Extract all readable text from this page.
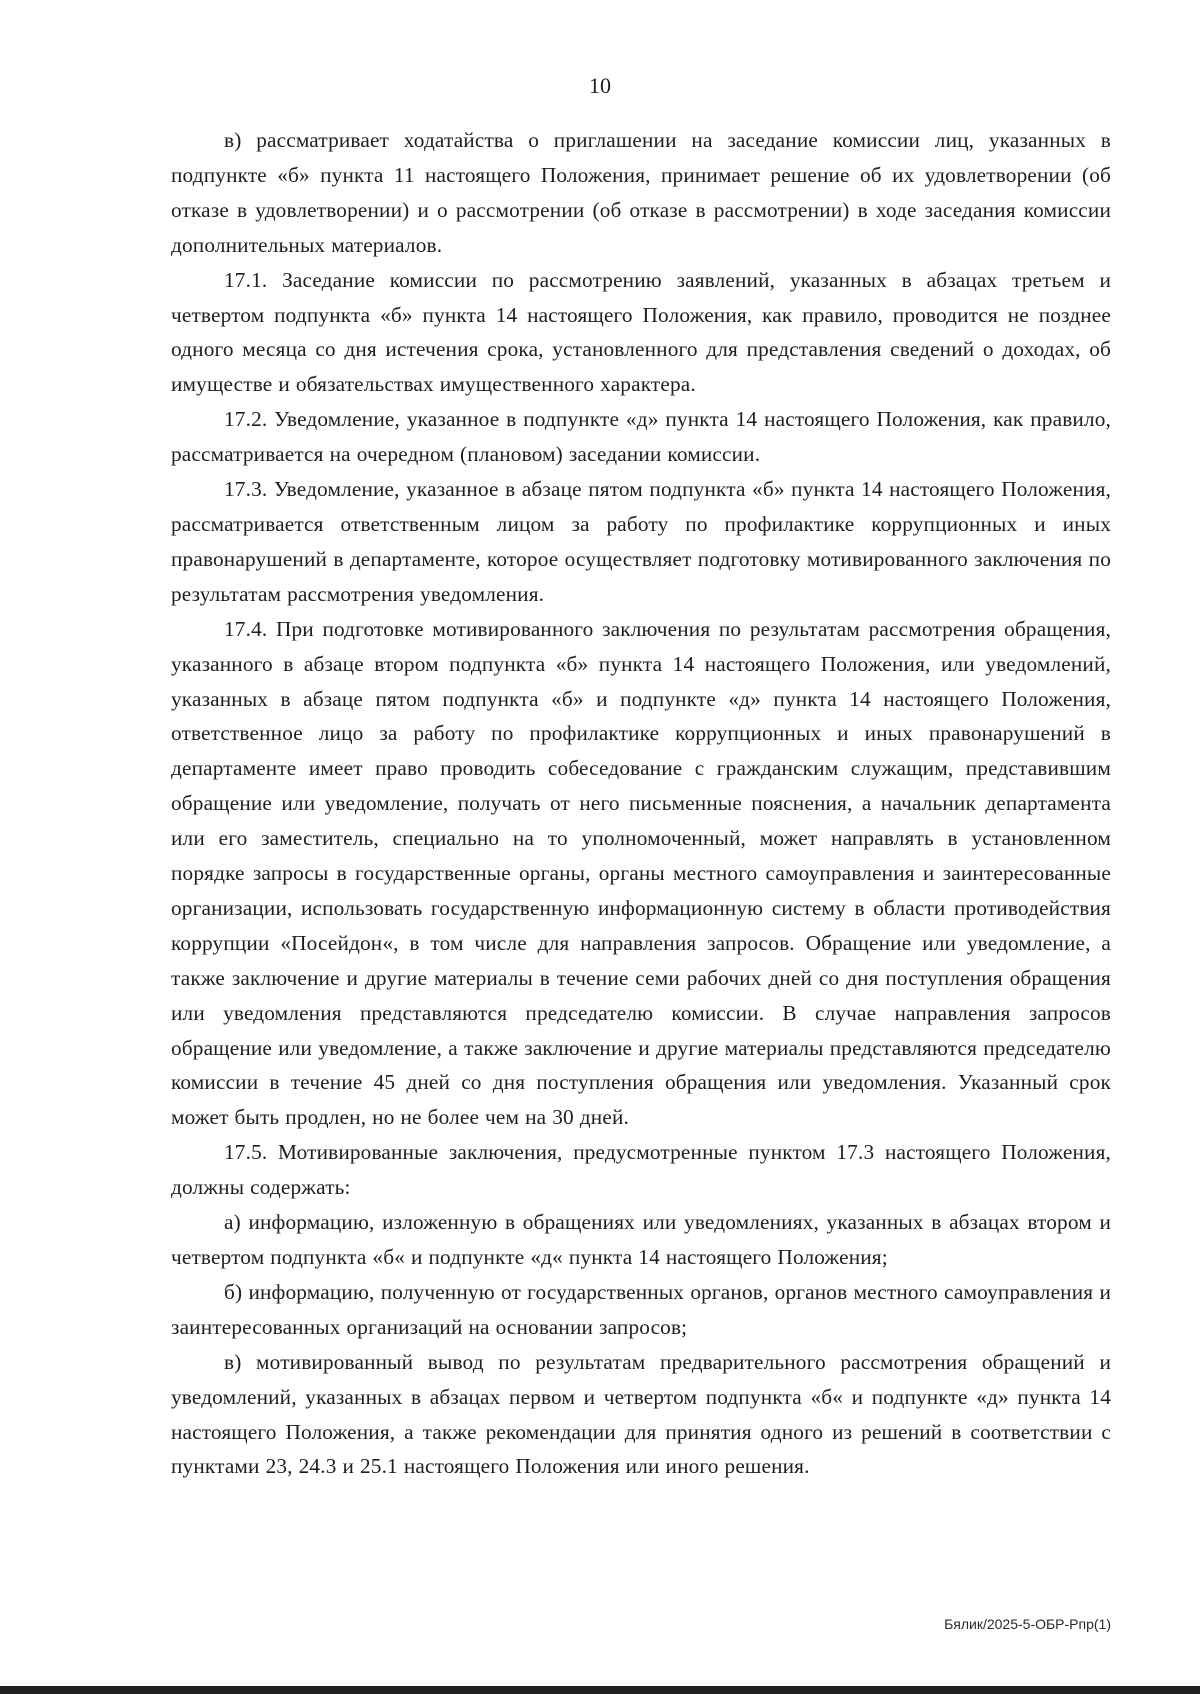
10

в) рассматривает ходатайства о приглашении на заседание комиссии лиц, указанных в подпункте «б» пункта 11 настоящего Положения, принимает решение об их удовлетворении (об отказе в удовлетворении) и о рассмотрении (об отказе в рассмотрении) в ходе заседания комиссии дополнительных материалов.

17.1. Заседание комиссии по рассмотрению заявлений, указанных в абзацах третьем и четвертом подпункта «б» пункта 14 настоящего Положения, как правило, проводится не позднее одного месяца со дня истечения срока, установленного для представления сведений о доходах, об имуществе и обязательствах имущественного характера.

17.2. Уведомление, указанное в подпункте «д» пункта 14 настоящего Положения, как правило, рассматривается на очередном (плановом) заседании комиссии.

17.3. Уведомление, указанное в абзаце пятом подпункта «б» пункта 14 настоящего Положения, рассматривается ответственным лицом за работу по профилактике коррупционных и иных правонарушений в департаменте, которое осуществляет подготовку мотивированного заключения по результатам рассмотрения уведомления.

17.4. При подготовке мотивированного заключения по результатам рассмотрения обращения, указанного в абзаце втором подпункта «б» пункта 14 настоящего Положения, или уведомлений, указанных в абзаце пятом подпункта «б» и подпункте «д» пункта 14 настоящего Положения, ответственное лицо за работу по профилактике коррупционных и иных правонарушений в департаменте имеет право проводить собеседование с гражданским служащим, представившим обращение или уведомление, получать от него письменные пояснения, а начальник департамента или его заместитель, специально на то уполномоченный, может направлять в установленном порядке запросы в государственные органы, органы местного самоуправления и заинтересованные организации, использовать государственную информационную систему в области противодействия коррупции «Посейдон«, в том числе для направления запросов. Обращение или уведомление, а также заключение и другие материалы в течение семи рабочих дней со дня поступления обращения или уведомления представляются председателю комиссии. В случае направления запросов обращение или уведомление, а также заключение и другие материалы представляются председателю комиссии в течение 45 дней со дня поступления обращения или уведомления. Указанный срок может быть продлен, но не более чем на 30 дней.

17.5. Мотивированные заключения, предусмотренные пунктом 17.3 настоящего Положения, должны содержать:

а) информацию, изложенную в обращениях или уведомлениях, указанных в абзацах втором и четвертом подпункта «б« и подпункте «д« пункта 14 настоящего Положения;

б) информацию, полученную от государственных органов, органов местного самоуправления и заинтересованных организаций на основании запросов;

в) мотивированный вывод по результатам предварительного рассмотрения обращений и уведомлений, указанных в абзацах первом и четвертом подпункта «б« и подпункте «д» пункта 14 настоящего Положения, а также рекомендации для принятия одного из решений в соответствии с пунктами 23, 24.3 и 25.1 настоящего Положения или иного решения.

Бялик/2025-5-ОБР-Рпр(1)
